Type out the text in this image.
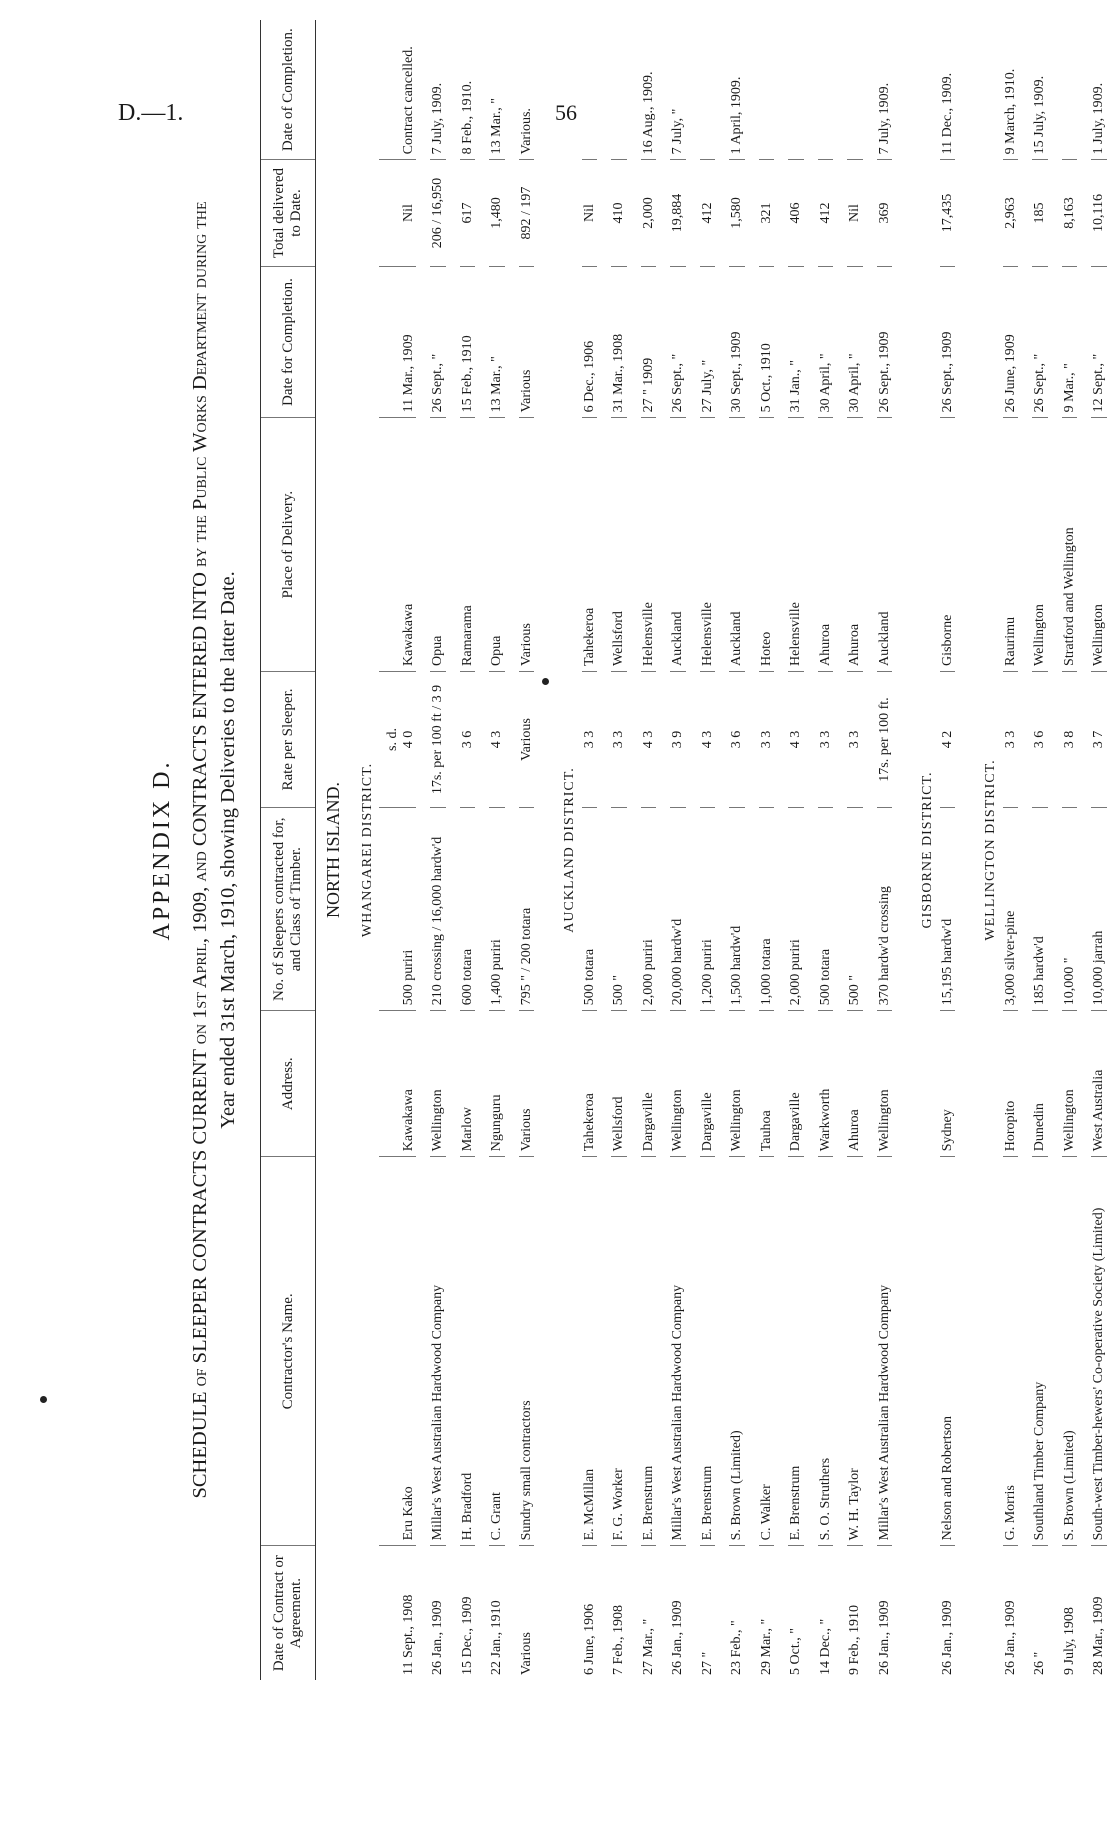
D.—1.	56
APPENDIX D. SCHEDULE of SLEEPER CONTRACTS CURRENT on 1st April, 1909, and CONTRACTS ENTERED INTO by the Public Works Department during the Year ended 31st March, 1910, showing Deliveries to the latter Date.
Date of Contract or Agreement.	Contractor's Name.	Address.	No. of Sleepers contracted for, and Class of Timber.	Rate per Sleeper.	Place of Delivery.	Date for Completion.	Total delivered to Date.	Date of Completion.
NORTH ISLAND.								
WHANGAREI DISTRICT.								
				s. d.				
11 Sept., 1908	Eru Kako	Kawakawa	500 puriri	4 0	Kawakawa	11 Mar., 1909	Nil	Contract cancelled.

26 Jan., 1909	Millar's West Australian Hardwood Company	Wellington	210 crossing / 16,000 hardw'd	17s. per 100 ft / 3 9	Opua	26 Sept., "	206 / 16,950	7 July, 1909.

15 Dec., 1909	H. Bradford	Marlow	600 totara	3 6	Ramarama	15 Feb., 1910	617	8 Feb., 1910.

22 Jan., 1910	C. Grant	Ngunguru	1,400 puriri	4 3	Opua	13 Mar., "	1,480	13 Mar., "

Various	Sundry small contractors	Various	795 " / 200 totara	Various	Various	Various	892 / 197	Various.

AUCKLAND DISTRICT.								
6 June, 1906	E. McMillan	Tahekeroa	500 totara	3 3	Tahekeroa	6 Dec., 1906	Nil	

7 Feb., 1908	F. G. Worker	Wellsford	500 "	3 3	Wellsford	31 Mar., 1908	410	

27 Mar., "	E. Brenstrum	Dargaville	2,000 puriri	4 3	Helensville	27 " 1909	2,000	16 Aug., 1909.

26 Jan., 1909	Millar's West Australian Hardwood Company	Wellington	20,000 hardw'd	3 9	Auckland	26 Sept., "	19,884	7 July, "

27 "	E. Brenstrum	Dargaville	1,200 puriri	4 3	Helensville	27 July, "	412	

23 Feb., "	S. Brown (Limited)	Wellington	1,500 hardw'd	3 6	Auckland	30 Sept., 1909	1,580	1 April, 1909.

29 Mar., "	C. Walker	Tauhoa	1,000 totara	3 3	Hoteo	5 Oct., 1910	321	

5 Oct., "	E. Brenstrum	Dargaville	2,000 puriri	4 3	Helensville	31 Jan., "	406	

14 Dec., "	S. O. Struthers	Warkworth	500 totara	3 3	Ahuroa	30 April, "	412	

9 Feb., 1910	W. H. Taylor	Ahuroa	500 "	3 3	Ahuroa	30 April, "	Nil	

26 Jan., 1909	Millar's West Australian Hardwood Company	Wellington	370 hardw'd crossing	17s. per 100 ft.	Auckland	26 Sept., 1909	369	7 July, 1909.

GISBORNE DISTRICT.								
26 Jan., 1909	Nelson and Robertson	Sydney	15,195 hardw'd	4 2	Gisborne	26 Sept., 1909	17,435	11 Dec., 1909.

WELLINGTON DISTRICT.								
26 Jan., 1909	G. Morris	Horopito	3,000 silver-pine	3 3	Raurimu	26 June, 1909	2,963	9 March, 1910.

26 "	Southland Timber Company	Dunedin	185 hardw'd	3 6	Wellington	26 Sept., "	185	15 July, 1909.

9 July, 1908	S. Brown (Limited)	Wellington	10,000 "	3 8	Stratford and Wellington	9 Mar., "	8,163	

28 Mar., 1909	South-west Timber-hewers' Co-operative Society (Limited)	West Australia	10,000 jarrah	3 7	Wellington	12 Sept., "	10,116	1 July, 1909.
